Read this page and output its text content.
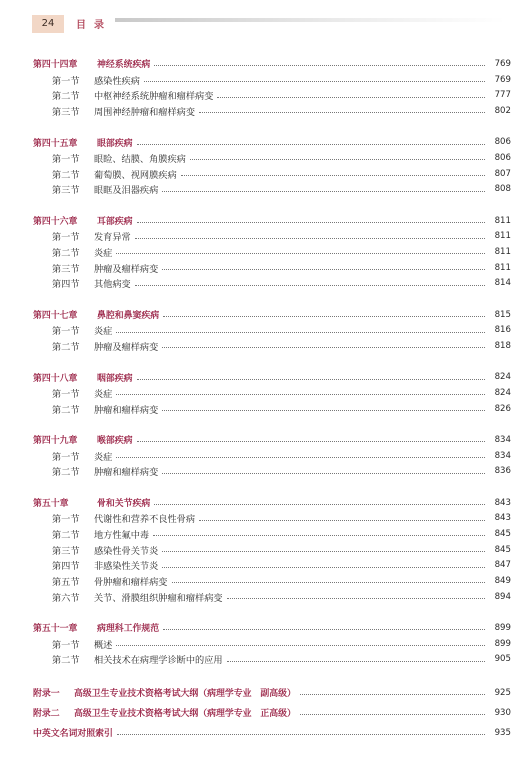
24	目录
第四十四章	神经系统疾病	769
第一节	感染性疾病	769
第二节	中枢神经系统肿瘤和瘤样病变	777
第三节	周围神经肿瘤和瘤样病变	802
第四十五章	眼部疾病	806
第一节	眼睑、结膜、角膜疾病	806
第二节	葡萄膜、视网膜疾病	807
第三节	眼眶及泪器疾病	808
第四十六章	耳部疾病	811
第一节	发育异常	811
第二节	炎症	811
第三节	肿瘤及瘤样病变	811
第四节	其他病变	814
第四十七章	鼻腔和鼻窦疾病	815
第一节	炎症	816
第二节	肿瘤及瘤样病变	818
第四十八章	咽部疾病	824
第一节	炎症	824
第二节	肿瘤和瘤样病变	826
第四十九章	喉部疾病	834
第一节	炎症	834
第二节	肿瘤和瘤样病变	836
第五十章	骨和关节疾病	843
第一节	代谢性和营养不良性骨病	843
第二节	地方性氟中毒	845
第三节	感染性骨关节炎	845
第四节	非感染性关节炎	847
第五节	骨肿瘤和瘤样病变	849
第六节	关节、滑膜组织肿瘤和瘤样病变	894
第五十一章	病理科工作规范	899
第一节	概述	899
第二节	相关技术在病理学诊断中的应用	905
附录一	高级卫生专业技术资格考试大纲（病理学专业　副高级）	925
附录二	高级卫生专业技术资格考试大纲（病理学专业　正高级）	930
中英文名词对照索引	935
